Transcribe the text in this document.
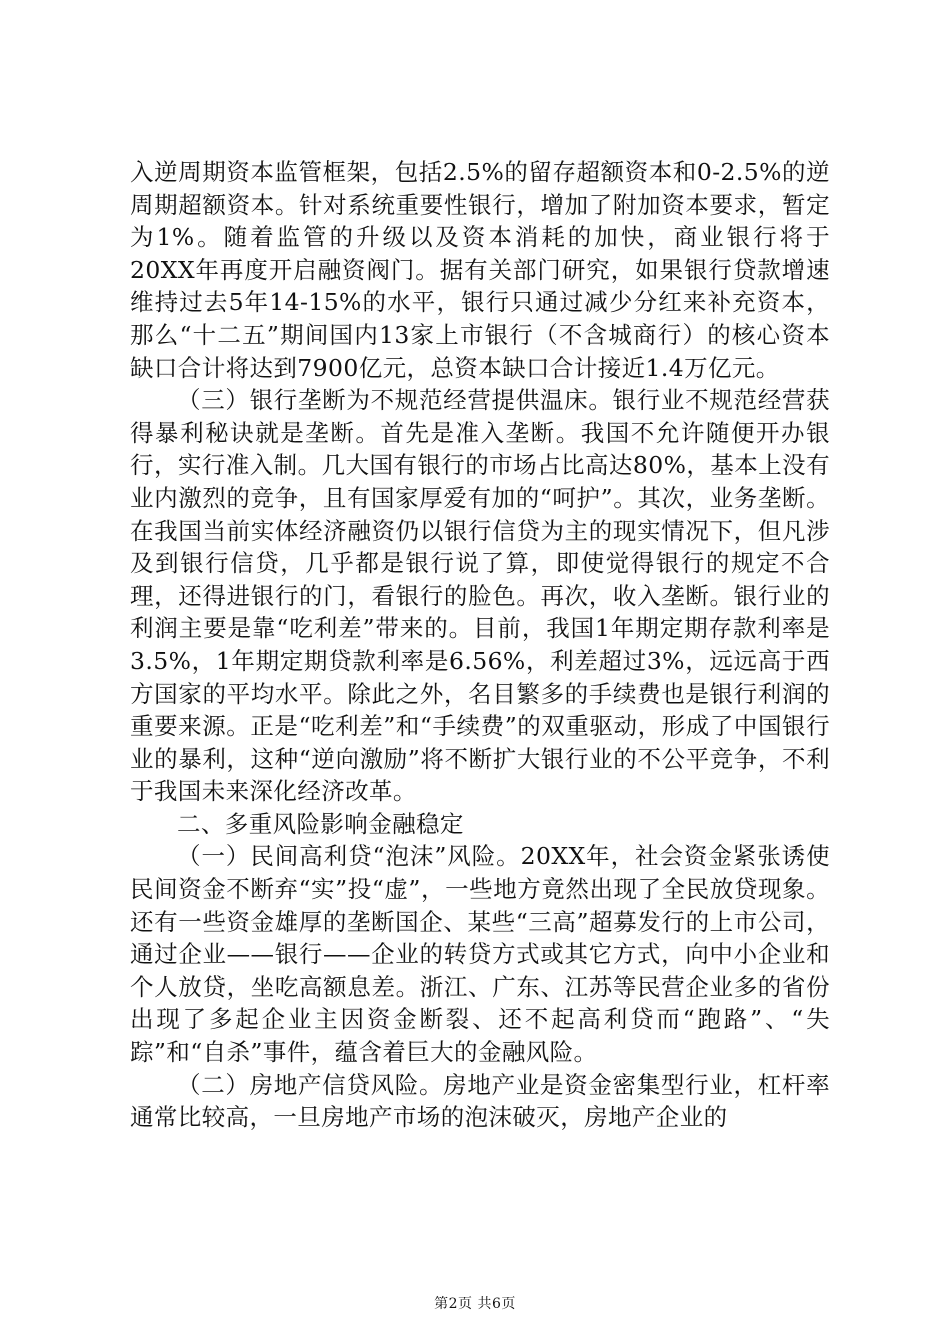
入逆周期资本监管框架，包括2.5%的留存超额资本和0-2.5%的逆周期超额资本。针对系统重要性银行，增加了附加资本要求，暂定为1%。随着监管的升级以及资本消耗的加快，商业银行将于20XX年再度开启融资阀门。据有关部门研究，如果银行贷款增速维持过去5年14-15%的水平，银行只通过减少分红来补充资本，那么“十二五”期间国内13家上市银行（不含城商行）的核心资本缺口合计将达到7900亿元，总资本缺口合计接近1.4万亿元。

（三）银行垄断为不规范经营提供温床。银行业不规范经营获得暴利秘诀就是垄断。首先是准入垄断。我国不允许随便开办银行，实行准入制。几大国有银行的市场占比高达80%，基本上没有业内激烈的竞争，且有国家厚爱有加的“呵护”。其次，业务垄断。在我国当前实体经济融资仍以银行信贷为主的现实情况下，但凡涉及到银行信贷，几乎都是银行说了算，即使觉得银行的规定不合理，还得进银行的门，看银行的脸色。再次，收入垄断。银行业的利润主要是靠“吃利差”带来的。目前，我国1年期定期存款利率是3.5%，1年期定期贷款利率是6.56%，利差超过3%，远远高于西方国家的平均水平。除此之外，名目繁多的手续费也是银行利润的重要来源。正是“吃利差”和“手续费”的双重驱动，形成了中国银行业的暴利，这种“逆向激励”将不断扩大银行业的不公平竞争，不利于我国未来深化经济改革。

二、多重风险影响金融稳定

（一）民间高利贷“泡沫”风险。20XX年，社会资金紧张诱使民间资金不断弃“实”投“虚”，一些地方竟然出现了全民放贷现象。还有一些资金雄厚的垄断国企、某些“三高”超募发行的上市公司，通过企业——银行——企业的转贷方式或其它方式，向中小企业和个人放贷，坐吃高额息差。浙江、广东、江苏等民营企业多的省份出现了多起企业主因资金断裂、还不起高利贷而“跑路”、“失踪”和“自杀”事件，蕴含着巨大的金融风险。

（二）房地产信贷风险。房地产业是资金密集型行业，杠杆率通常比较高，一旦房地产市场的泡沫破灭，房地产企业的

第2页 共6页
